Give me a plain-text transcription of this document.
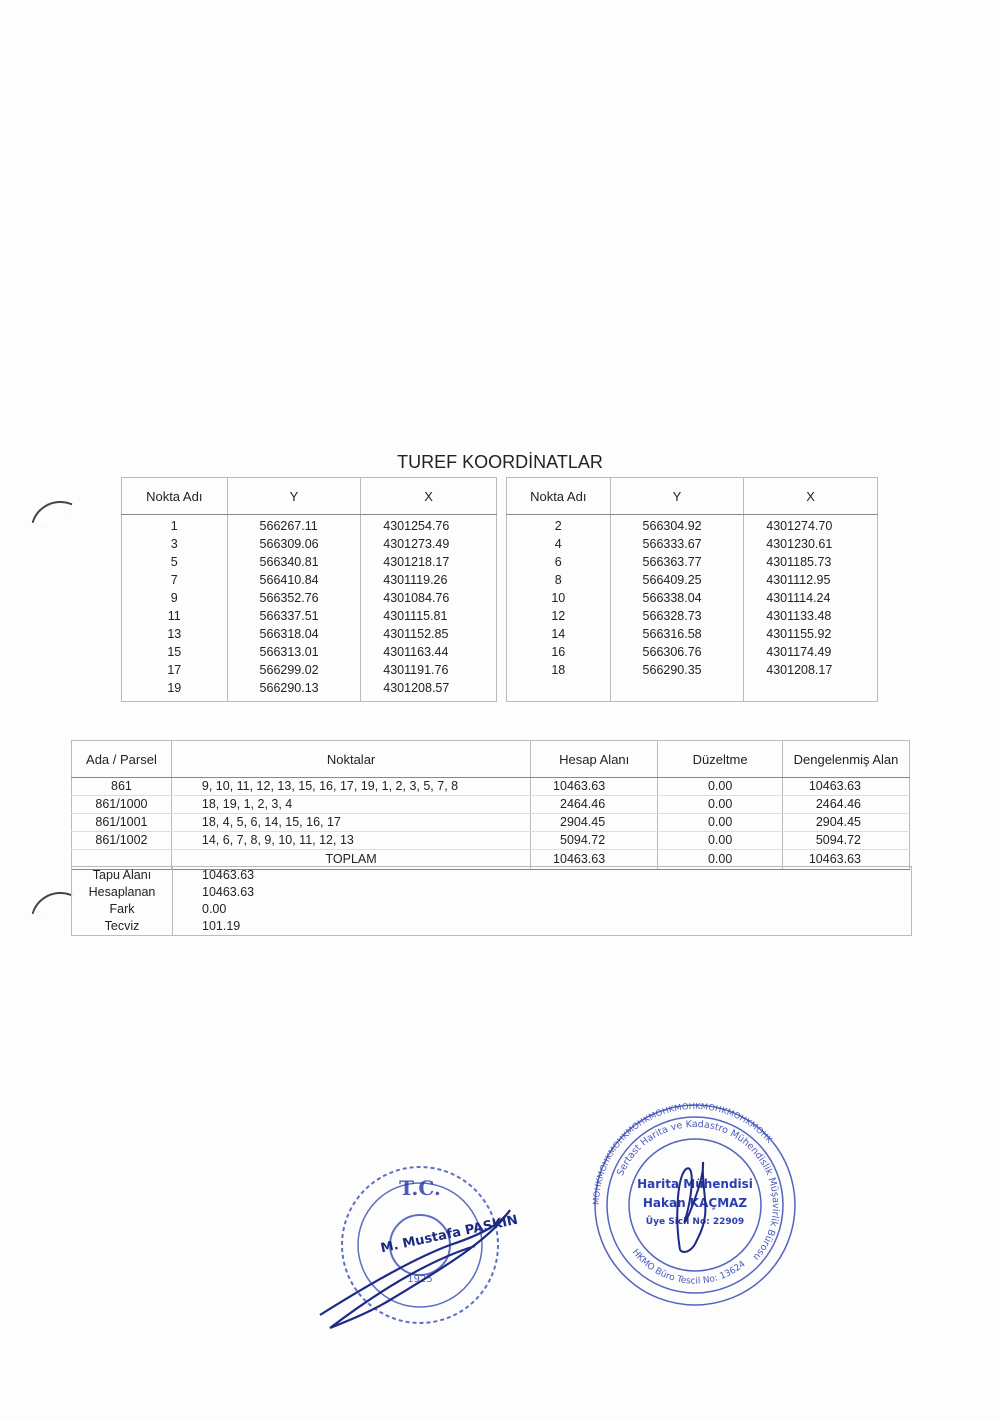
TUREF KOORDİNATLAR
Nokta Adı	Y	X
1	566267.11	4301254.76
3	566309.06	4301273.49
5	566340.81	4301218.17
7	566410.84	4301119.26
9	566352.76	4301084.76
11	566337.51	4301115.81
13	566318.04	4301152.85
15	566313.01	4301163.44
17	566299.02	4301191.76
19	566290.13	4301208.57

Nokta Adı	Y	X
2	566304.92	4301274.70
4	566333.67	4301230.61
6	566363.77	4301185.73
8	566409.25	4301112.95
10	566338.04	4301114.24
12	566328.73	4301133.48
14	566316.58	4301155.92
16	566306.76	4301174.49
18	566290.35	4301208.17

Ada / Parsel	Noktalar	Hesap Alanı	Düzeltme	Dengelenmiş Alan
861	9, 10, 11, 12, 13, 15, 16, 17, 19, 1, 2, 3, 5, 7, 8	10463.63	0.00	10463.63
861/1000	18, 19, 1, 2, 3, 4	2464.46	0.00	2464.46
861/1001	18, 4, 5, 6, 14, 15, 16, 17	2904.45	0.00	2904.45
861/1002	14, 6, 7, 8, 9, 10, 11, 12, 13	5094.72	0.00	5094.72
	TOPLAM	10463.63	0.00	10463.63
Tapu Alanı	10463.63
Hesaplanan	10463.63
Fark	0.00
Tecviz	101.19
T.C.
1925
M. Mustafa PASKIN
MOHKMOHKMOHKMOHKMOHKMOHKMOHKMOHKMOHK
Sertast Harita ve Kadastro Mühendislik Müşavirlik Bürosu
HKMO Büro Tescil No: 13624
Harita Mühendisi
Hakan KAÇMAZ
Üye Sicil No: 22909
